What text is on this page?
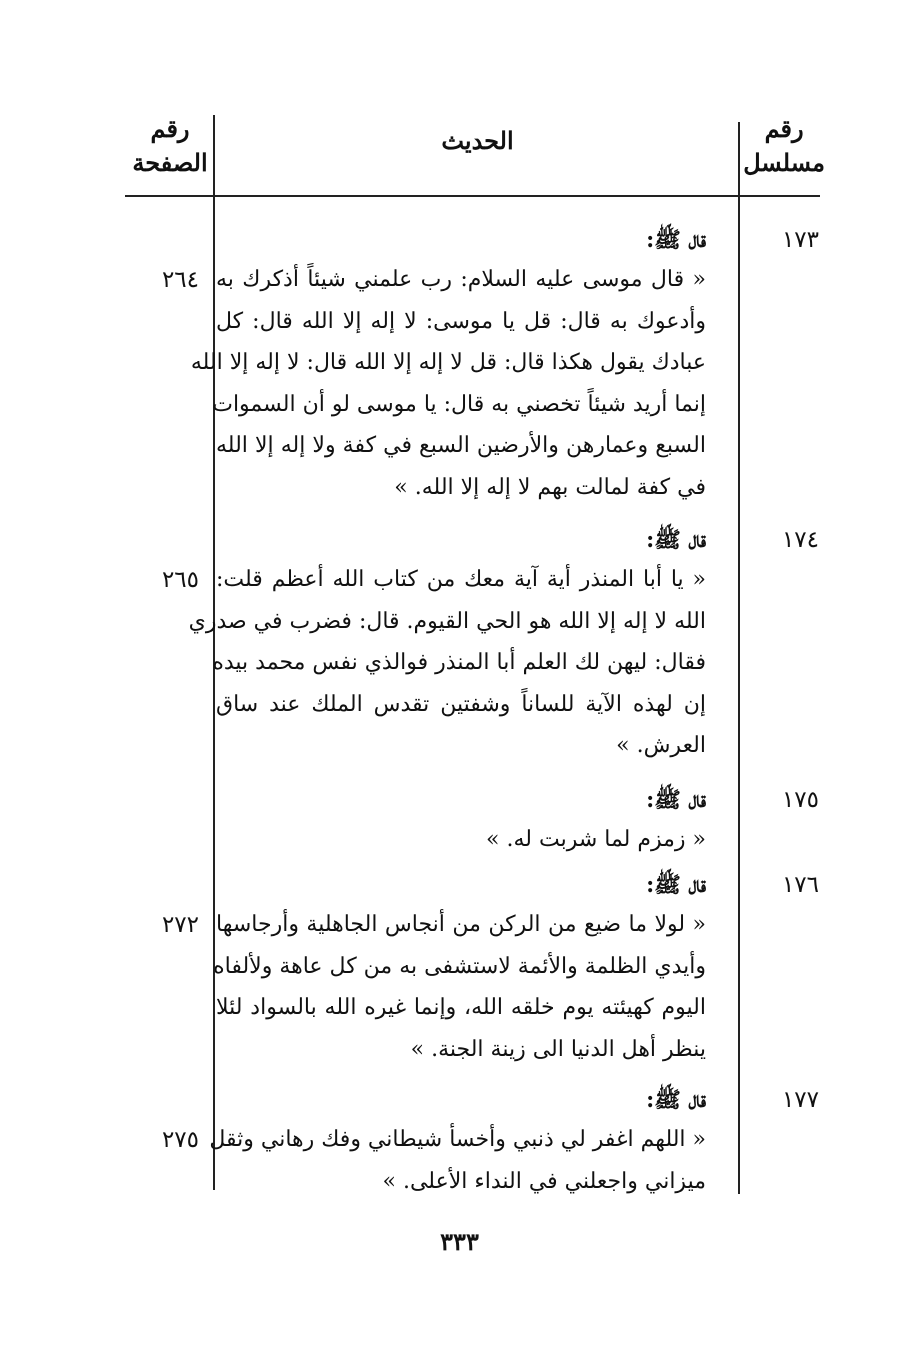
رقم
مسلسل
الحديث
رقم
الصفحة
١٧٣
قال ﷺ:
« قال موسى عليه السلام: رب علمني شيئاً أذكرك به
وأدعوك به قال: قل يا موسى: لا إله إلا الله قال: كل
عبادك يقول هكذا قال: قل لا إله إلا الله قال: لا إله إلا الله
إنما أريد شيئاً تخصني به قال: يا موسى لو أن السموات
السبع وعمارهن والأرضين السبع في كفة ولا إله إلا الله
في كفة لمالت بهم لا إله إلا الله. »
٢٦٤
١٧٤
قال ﷺ:
« يا أبا المنذر أية آية معك من كتاب الله أعظم قلت:
الله لا إله إلا الله هو الحي القيوم. قال: فضرب في صدري
فقال: ليهن لك العلم أبا المنذر فوالذي نفس محمد بيده
إن لهذه الآية للساناً وشفتين تقدس الملك عند ساق
العرش. »
٢٦٥
١٧٥
قال ﷺ:
« زمزم لما شربت له. »
١٧٦
قال ﷺ:
« لولا ما ضيع من الركن من أنجاس الجاهلية وأرجاسها
وأيدي الظلمة والأئمة لاستشفى به من كل عاهة ولألفاه
اليوم كهيئته يوم خلقه الله، وإنما غيره الله بالسواد لئلا
ينظر أهل الدنيا الى زينة الجنة. »
٢٧٢
١٧٧
قال ﷺ:
« اللهم اغفر لي ذنبي وأخسأ شيطاني وفك رهاني وثقل
ميزاني واجعلني في النداء الأعلى. »
٢٧٥
٣٣٣
